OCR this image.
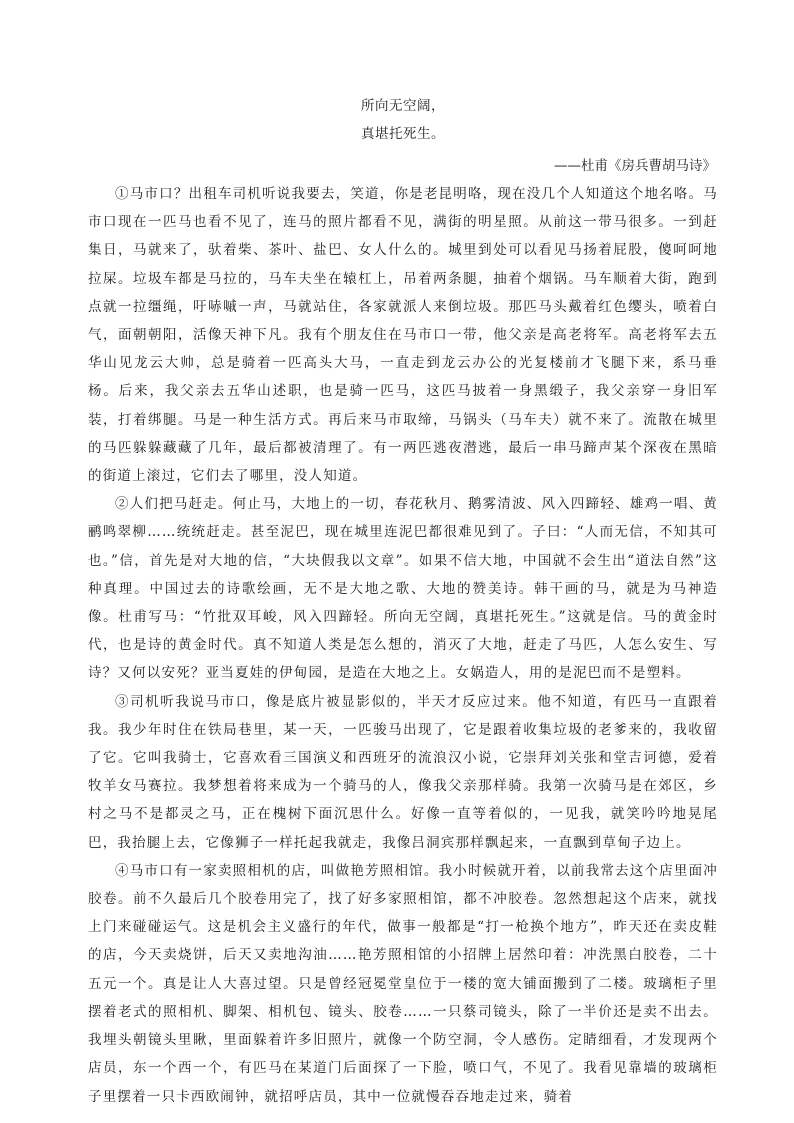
所向无空阔，
真堪托死生。
——杜甫《房兵曹胡马诗》

①马市口？出租车司机听说我要去，笑道，你是老昆明咯，现在没几个人知道这个地名咯。马市口现在一匹马也看不见了，连马的照片都看不见，满街的明星照。从前这一带马很多。一到赶集日，马就来了，驮着柴、茶叶、盐巴、女人什么的。城里到处可以看见马扬着屁股，傻呵呵地拉屎。垃圾车都是马拉的，马车夫坐在辕杠上，吊着两条腿，抽着个烟锅。马车顺着大街，跑到点就一拉缰绳，吁哧嘁一声，马就站住，各家就派人来倒垃圾。那匹马头戴着红色缨头，喷着白气，面朝朝阳，活像天神下凡。我有个朋友住在马市口一带，他父亲是高老将军。高老将军去五华山见龙云大帅，总是骑着一匹高头大马，一直走到龙云办公的光复楼前才飞腿下来，系马垂杨。后来，我父亲去五华山述职，也是骑一匹马，这匹马披着一身黑缎子，我父亲穿一身旧军装，打着绑腿。马是一种生活方式。再后来马市取缔，马锅头（马车夫）就不来了。流散在城里的马匹躲躲藏藏了几年，最后都被清理了。有一两匹逃夜潜逃，最后一串马蹄声某个深夜在黑暗的街道上滚过，它们去了哪里，没人知道。

②人们把马赶走。何止马，大地上的一切，春花秋月、鹅雾清波、风入四蹄轻、雄鸡一唱、黄鹂鸣翠柳……统统赶走。甚至泥巴，现在城里连泥巴都很难见到了。子曰：“人而无信，不知其可也。”信，首先是对大地的信，“大块假我以文章”。如果不信大地，中国就不会生出“道法自然”这种真理。中国过去的诗歌绘画，无不是大地之歌、大地的赞美诗。韩干画的马，就是为马神造像。杜甫写马：“竹批双耳峻，风入四蹄轻。所向无空阔，真堪托死生。”这就是信。马的黄金时代，也是诗的黄金时代。真不知道人类是怎么想的，消灭了大地，赶走了马匹，人怎么安生、写诗？又何以安死？亚当夏娃的伊甸园，是造在大地之上。女娲造人，用的是泥巴而不是塑料。

③司机听我说马市口，像是底片被显影似的，半天才反应过来。他不知道，有匹马一直跟着我。我少年时住在铁局巷里，某一天，一匹骏马出现了，它是跟着收集垃圾的老爹来的，我收留了它。它叫我骑士，它喜欢看三国演义和西班牙的流浪汉小说，它崇拜刘关张和堂吉诃德，爱着牧羊女马赛拉。我梦想着将来成为一个骑马的人，像我父亲那样骑。我第一次骑马是在郊区，乡村之马不是都灵之马，正在槐树下面沉思什么。好像一直等着似的，一见我，就笑吟吟地晃尾巴，我抬腿上去，它像狮子一样托起我就走，我像吕洞宾那样飘起来，一直飘到草甸子边上。

④马市口有一家卖照相机的店，叫做艳芳照相馆。我小时候就开着，以前我常去这个店里面冲胶卷。前不久最后几个胶卷用完了，找了好多家照相馆，都不冲胶卷。忽然想起这个店来，就找上门来碰碰运气。这是机会主义盛行的年代，做事一般都是“打一枪换个地方”，昨天还在卖皮鞋的店，今天卖烧饼，后天又卖地沟油……艳芳照相馆的小招牌上居然印着：冲洗黑白胶卷，二十五元一个。真是让人大喜过望。只是曾经冠冕堂皇位于一楼的宽大铺面搬到了二楼。玻璃柜子里摆着老式的照相机、脚架、相机包、镜头、胶卷……一只蔡司镜头，除了一半价还是卖不出去。我埋头朝镜头里瞅，里面躲着许多旧照片，就像一个防空洞，令人感伤。定睛细看，才发现两个店员，东一个西一个，有匹马在某道门后面探了一下脸，喷口气，不见了。我看见靠墙的玻璃柜子里摆着一只卡西欧闹钟，就招呼店员，其中一位就慢吞吞地走过来，骑着
